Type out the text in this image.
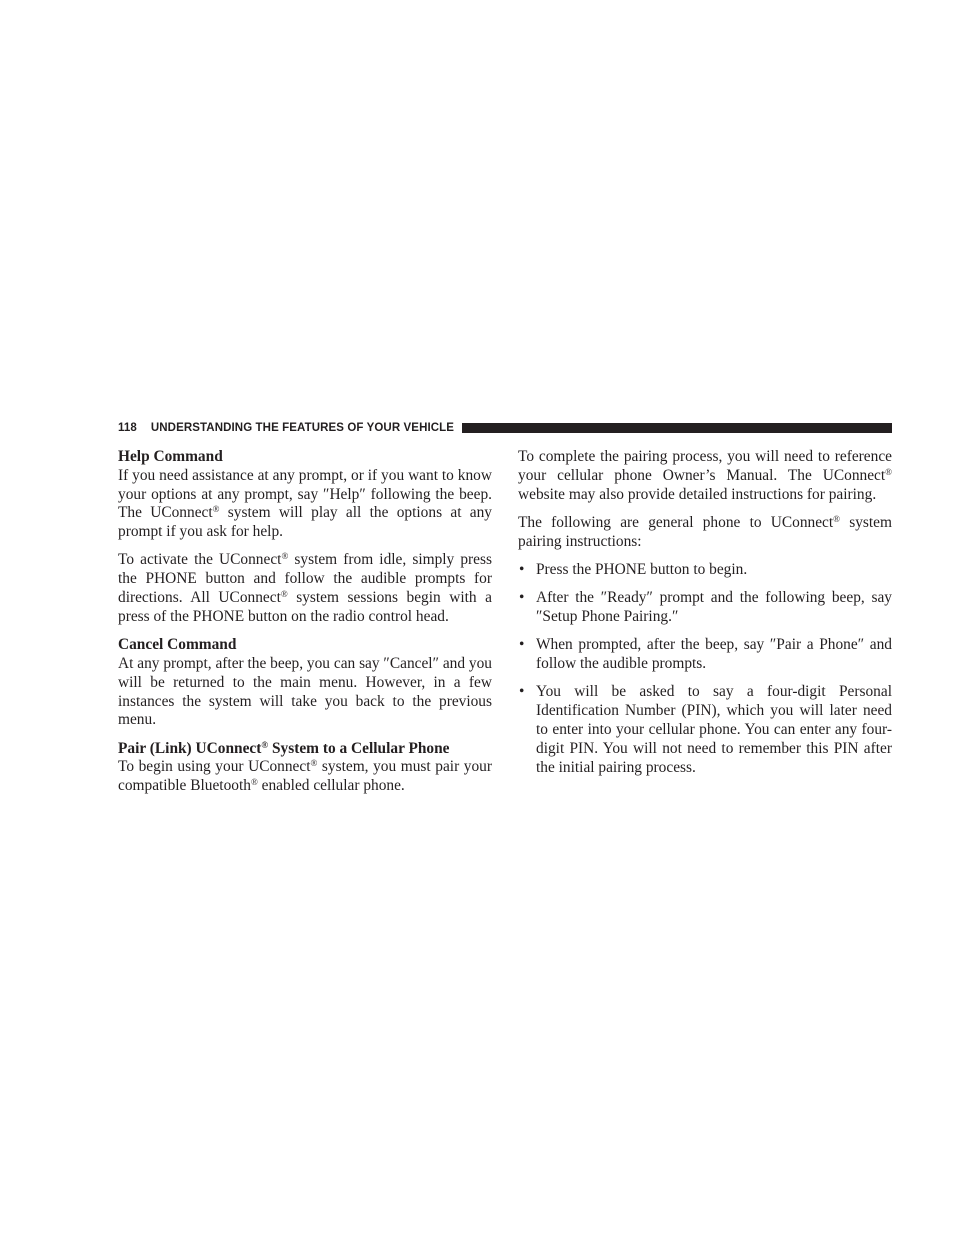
118 UNDERSTANDING THE FEATURES OF YOUR VEHICLE
Help Command

If you need assistance at any prompt, or if you want to know your options at any prompt, say ″Help″ following the beep. The UConnect® system will play all the options at any prompt if you ask for help.

To activate the UConnect® system from idle, simply press the PHONE button and follow the audible prompts for directions. All UConnect® system sessions begin with a press of the PHONE button on the radio control head.

Cancel Command

At any prompt, after the beep, you can say ″Cancel″ and you will be returned to the main menu. However, in a few instances the system will take you back to the previous menu.

Pair (Link) UConnect® System to a Cellular Phone

To begin using your UConnect® system, you must pair your compatible Bluetooth® enabled cellular phone.

To complete the pairing process, you will need to reference your cellular phone Owner’s Manual. The UConnect® website may also provide detailed instructions for pairing.

The following are general phone to UConnect® system pairing instructions:

• Press the PHONE button to begin.
• After the ″Ready″ prompt and the following beep, say ″Setup Phone Pairing.″
• When prompted, after the beep, say ″Pair a Phone″ and follow the audible prompts.
• You will be asked to say a four-digit Personal Identification Number (PIN), which you will later need to enter into your cellular phone. You can enter any four-digit PIN. You will not need to remember this PIN after the initial pairing process.
